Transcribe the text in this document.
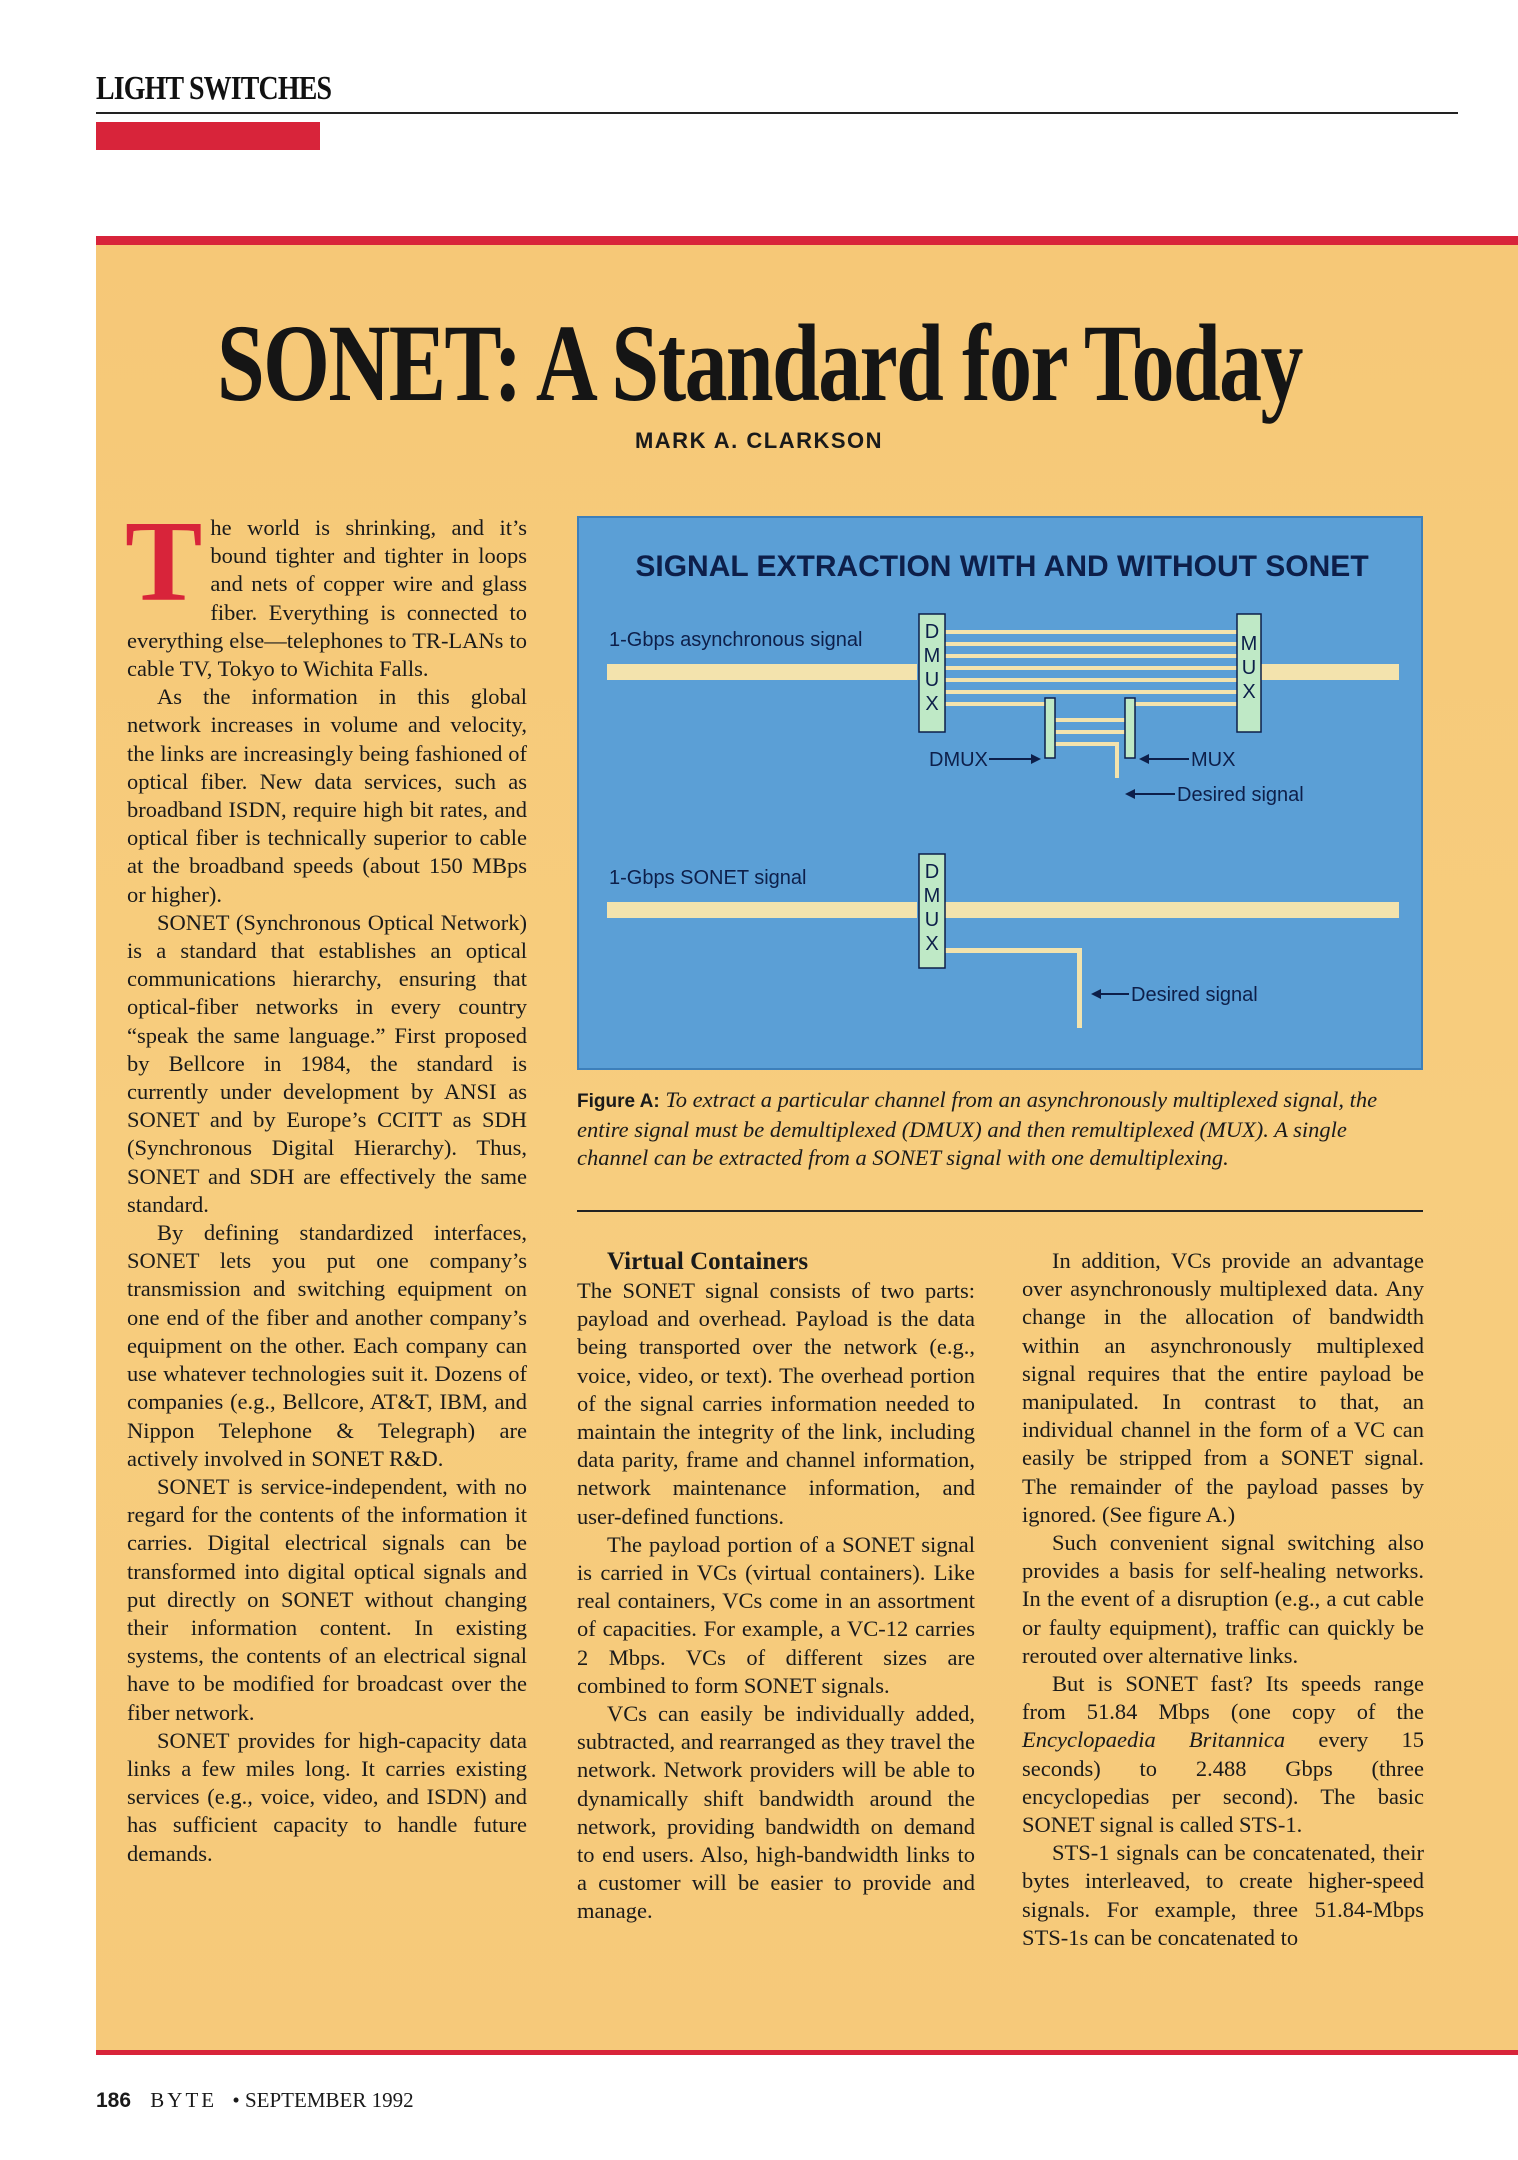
LIGHT SWITCHES
SONET: A Standard for Today
MARK A. CLARKSON

The world is shrinking, and it’s bound tighter and tighter in loops and nets of copper wire and glass fiber. Everything is connected to everything else—telephones to TR-LANs to cable TV, Tokyo to Wichita Falls.

As the information in this global network increases in volume and velocity, the links are increasingly being fashioned of optical fiber. New data services, such as broadband ISDN, require high bit rates, and optical fiber is technically superior to cable at the broadband speeds (about 150 MBps or higher).

SONET (Synchronous Optical Network) is a standard that establishes an optical communications hierarchy, ensuring that optical-fiber networks in every country “speak the same language.” First proposed by Bellcore in 1984, the standard is currently under development by ANSI as SONET and by Europe’s CCITT as SDH (Synchronous Digital Hierarchy). Thus, SONET and SDH are effectively the same standard.

By defining standardized interfaces, SONET lets you put one company’s transmission and switching equipment on one end of the fiber and another company’s equipment on the other. Each company can use whatever technologies suit it. Dozens of companies (e.g., Bellcore, AT&T, IBM, and Nippon Telephone & Telegraph) are actively involved in SONET R&D.

SONET is service-independent, with no regard for the contents of the information it carries. Digital electrical signals can be transformed into digital optical signals and put directly on SONET without changing their information content. In existing systems, the contents of an electrical signal have to be modified for broadcast over the fiber network.

SONET provides for high-capacity data links a few miles long. It carries existing services (e.g., voice, video, and ISDN) and has sufficient capacity to handle future demands.

SIGNAL EXTRACTION WITH AND WITHOUT SONET
1-Gbps asynchronous signal	D
M
U
X
M
U
X
DMUX	MUX
Desired signal
1-Gbps SONET signal	D
M
U
X
Desired signal
Figure A: To extract a particular channel from an asynchronously multiplexed signal, the entire signal must be demultiplexed (DMUX) and then remultiplexed (MUX). A single channel can be extracted from a SONET signal with one demultiplexing.

Virtual Containers

The SONET signal consists of two parts: payload and overhead. Payload is the data being transported over the network (e.g., voice, video, or text). The overhead portion of the signal carries information needed to maintain the integrity of the link, including data parity, frame and channel information, network maintenance information, and user-defined functions.

The payload portion of a SONET signal is carried in VCs (virtual containers). Like real containers, VCs come in an assortment of capacities. For example, a VC-12 carries 2 Mbps. VCs of different sizes are combined to form SONET signals.

VCs can easily be individually added, subtracted, and rearranged as they travel the network. Network providers will be able to dynamically shift bandwidth around the network, providing bandwidth on demand to end users. Also, high-bandwidth links to a customer will be easier to provide and manage.

In addition, VCs provide an advantage over asynchronously multiplexed data. Any change in the allocation of bandwidth within an asynchronously multiplexed signal requires that the entire payload be manipulated. In contrast to that, an individual channel in the form of a VC can easily be stripped from a SONET signal. The remainder of the payload passes by ignored. (See figure A.)

Such convenient signal switching also provides a basis for self-healing networks. In the event of a disruption (e.g., a cut cable or faulty equipment), traffic can quickly be rerouted over alternative links.

But is SONET fast? Its speeds range from 51.84 Mbps (one copy of the Encyclopaedia Britannica every 15 seconds) to 2.488 Gbps (three encyclopedias per second). The basic SONET signal is called STS-1.

STS-1 signals can be concatenated, their bytes interleaved, to create higher-speed signals. For example, three 51.84-Mbps STS-1s can be concatenated to

186 BYTE • SEPTEMBER 1992
